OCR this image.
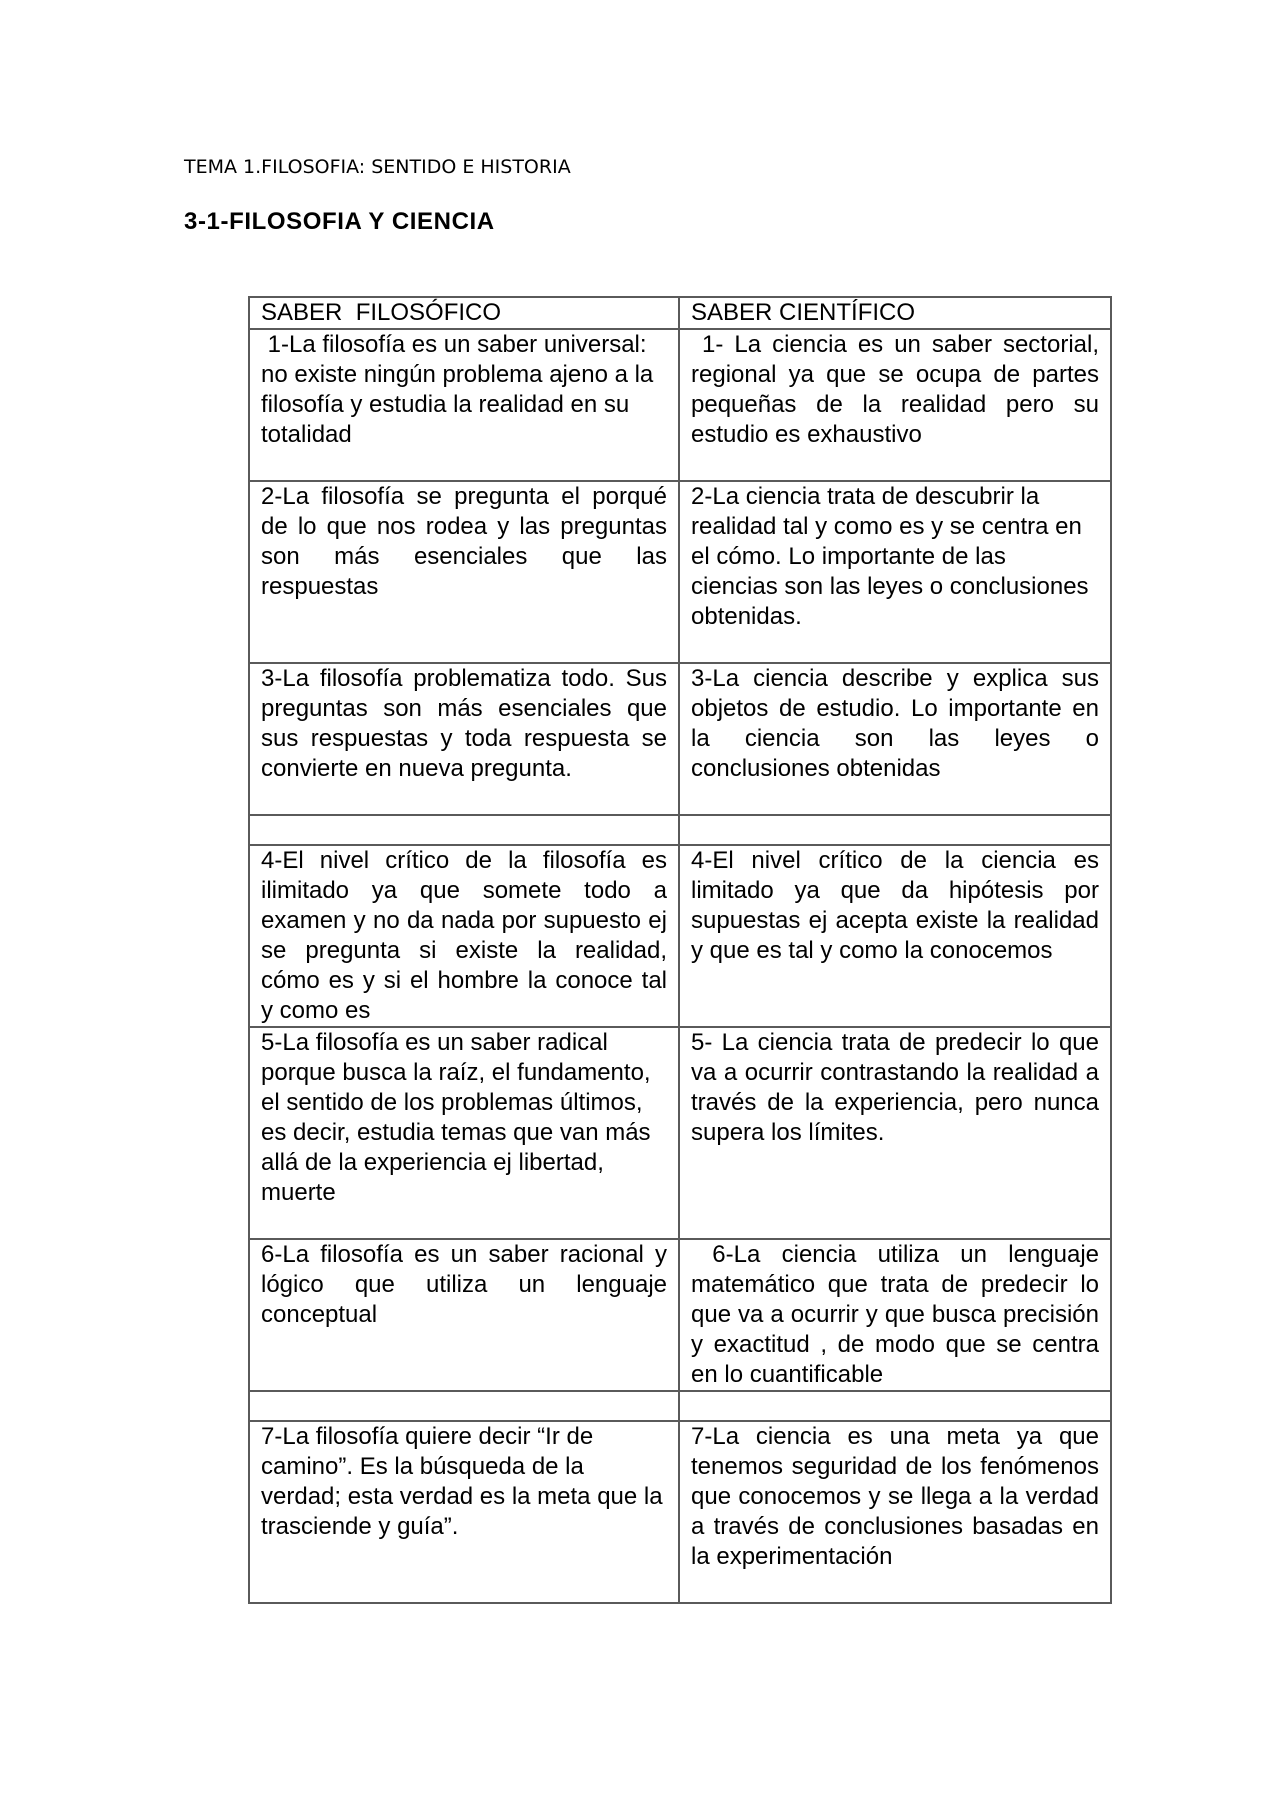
TEMA 1.FILOSOFIA: SENTIDO E HISTORIA
3-1-FILOSOFIA Y CIENCIA
SABER  FILOSÓFICO	SABER CIENTÍFICO
1-La filosofía es un saber universal: no existe ningún problema ajeno a la filosofía y estudia la realidad en su totalidad	1- La ciencia es un saber sectorial, regional ya que se ocupa de partes pequeñas de la realidad pero su estudio es exhaustivo
2-La filosofía se pregunta el porqué de lo que nos rodea y las preguntas son más esenciales que las respuestas	2-La ciencia trata de descubrir la realidad tal y como es y se centra en el cómo. Lo importante de las ciencias son las leyes o conclusiones obtenidas.
3-La filosofía problematiza todo. Sus preguntas son más esenciales que sus respuestas y toda respuesta se convierte en nueva pregunta.	3-La ciencia describe y explica sus objetos de estudio. Lo importante en la ciencia son las leyes o conclusiones obtenidas

4-El nivel crítico de la filosofía es ilimitado ya que somete todo a examen y no da nada por supuesto ej se pregunta si existe la realidad, cómo es y si el hombre la conoce tal y como es	4-El nivel crítico de la ciencia es limitado ya que da hipótesis por supuestas ej acepta existe la realidad y que es tal y como la conocemos
5-La filosofía es un saber radical porque busca la raíz, el fundamento, el sentido de los problemas últimos, es decir, estudia temas que van más allá de la experiencia ej libertad, muerte	5- La ciencia trata de predecir lo que va a ocurrir contrastando la realidad a través de la experiencia, pero nunca supera los límites.
6-La filosofía es un saber racional y lógico que utiliza un lenguaje conceptual	6-La ciencia utiliza un lenguaje matemático que trata de predecir lo que va a ocurrir y que busca precisión y exactitud , de modo que se centra en lo cuantificable

7-La filosofía quiere decir “Ir de camino”. Es la búsqueda de la verdad; esta verdad es la meta que la trasciende y guía”.	7-La ciencia es una meta ya que tenemos seguridad de los fenómenos que conocemos y se llega a la verdad a través de conclusiones basadas en la experimentación
